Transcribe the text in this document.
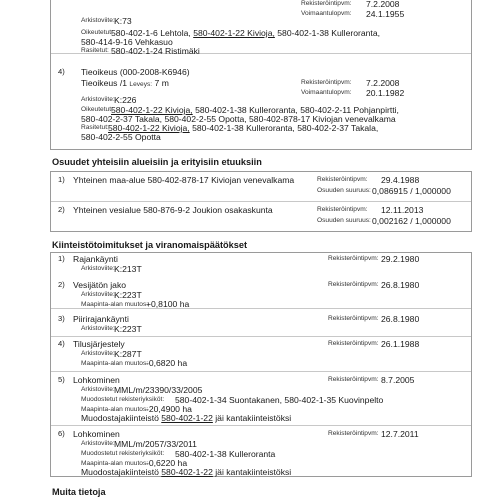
Rekisteröintipvm: 7.2.2008
Voimaantulopvm: 24.1.1955
Arkistoviite: K:73
Oikeutetut:
580-402-1-6 Lehtola, 580-402-1-22 Kivioja, 580-402-1-38 Kulleroranta,
580-414-9-16 Vehkasuo
Rasitetut: 580-402-1-24 Ristimäki
4) Tieoikeus (000-2008-K6946)
Tieoikeus /1 Leveys: 7 m	Rekisteröintipvm: 7.2.2008
Voimaantulopvm: 20.1.1982
Arkistoviite: K:226
Oikeutetut:
580-402-1-22 Kivioja, 580-402-1-38 Kulleroranta, 580-402-2-11 Pohjanpirtti,
580-402-2-37 Takala, 580-402-2-55 Opotta, 580-402-878-17 Kiviojan venevalkama
Rasitetut: 580-402-1-22 Kivioja, 580-402-1-38 Kulleroranta, 580-402-2-37 Takala,
580-402-2-55 Opotta
Osuudet yhteisiin alueisiin ja erityisiin etuuksiin
1) Yhteinen maa-alue 580-402-878-17 Kiviojan venevalkama	Rekisteröintipvm: 29.4.1988
Osuuden suuruus: 0,086915 / 1,000000
2) Yhteinen vesialue 580-876-9-2 Joukion osakaskunta	Rekisteröintipvm: 12.11.2013
Osuuden suuruus: 0,002162 / 1,000000
Kiinteistötoimitukset ja viranomaispäätökset
1) Rajankäynti	Rekisteröintipvm: 29.2.1980
Arkistoviite: K:213T
2) Vesijätön jako	Rekisteröintipvm: 26.8.1980
Arkistoviite: K:223T
Maapinta-alan muutos:
+0,8100 ha
3) Piirirajankäynti	Rekisteröintipvm: 26.8.1980
Arkistoviite: K:223T
4) Tilusjärjestely	Rekisteröintipvm: 26.1.1988
Arkistoviite: K:287T
Maapinta-alan muutos:
-0,6820 ha
5) Lohkominen	Rekisteröintipvm: 8.7.2005
Arkistoviite: MML/m/23390/33/2005
Muodostetut rekisteriyksiköt: 580-402-1-34 Suontakanen, 580-402-1-35 Kuovinpelto
Maapinta-alan muutos:
-20,4900 ha
Muodostajakiinteistö 580-402-1-22 jäi kantakiinteistöksi
6) Lohkominen	Rekisteröintipvm: 12.7.2011
Arkistoviite: MML/m/2057/33/2011
Muodostetut rekisteriyksiköt: 580-402-1-38 Kulleroranta
Maapinta-alan muutos:
-0,6220 ha
Muodostajakiinteistö 580-402-1-22 jäi kantakiinteistöksi
Muita tietoja
